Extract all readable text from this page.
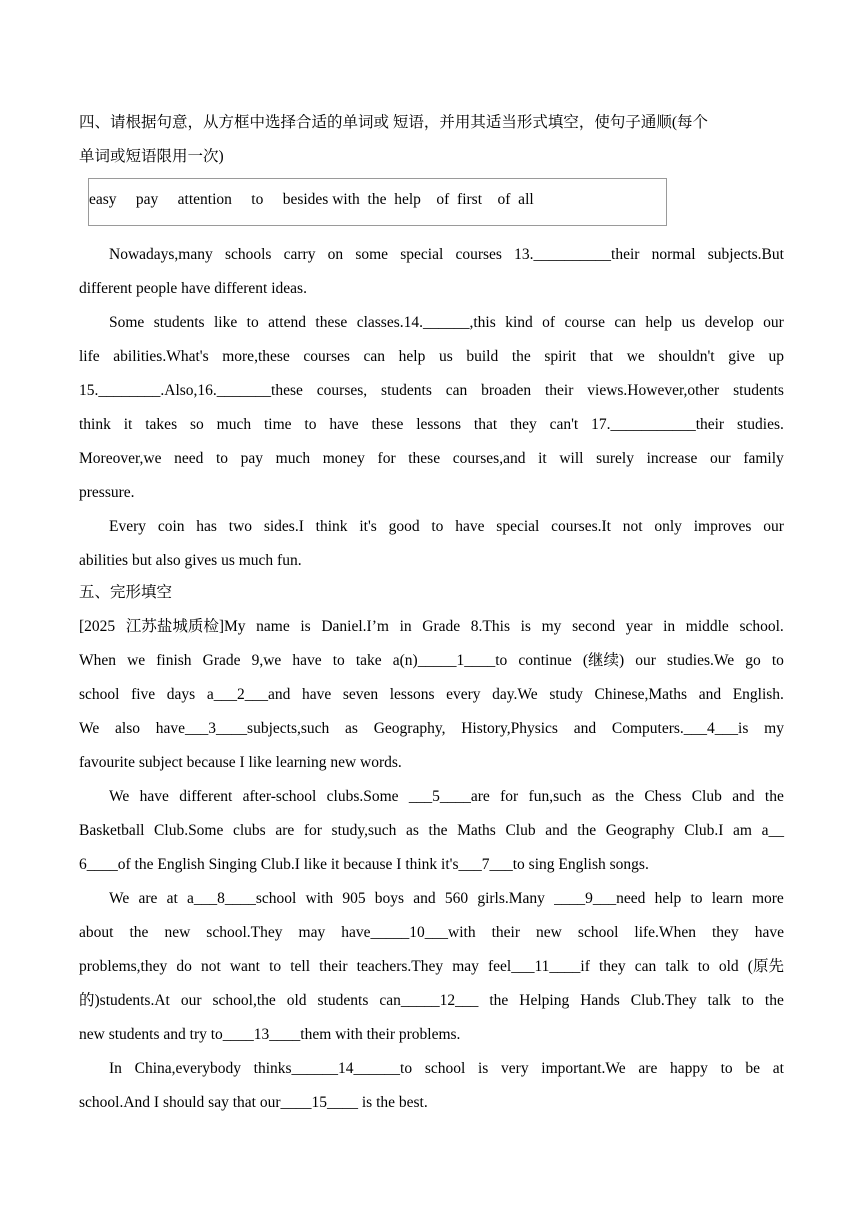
四、请根据句意，从方框中选择合适的单词或 短语，并用其适当形式填空，使句子通顺(每个
单词或短语限用一次)
easy     pay     attention     to     besides with  the  help    of  first    of  all
Nowadays,many schools carry on some special courses 13.__________their normal subjects.But
different people have different ideas.
Some students like to attend these classes.14.______,this kind of course can help us develop our
life abilities.What's more,these courses can help us build the spirit that we shouldn't give up
15.________.Also,16._______these courses, students can broaden their views.However,other students
think it takes so much time to have these lessons that they can't 17.___________their studies.
Moreover,we need to pay much money for these courses,and it will surely increase our family
pressure.
Every coin has two sides.I think it's good to have special courses.It not only improves our
abilities but also gives us much fun.
五、完形填空
[2025 江苏盐城质检]My name is Daniel.I’m in Grade 8.This is my second year in middle school.
When we finish Grade 9,we have to take a(n)_____1____to continue (继续) our studies.We go to
school five days a___2___and have seven lessons every day.We study Chinese,Maths and English.
We also have___3____subjects,such as Geography, History,Physics and Computers.___4___is my
favourite subject because I like learning new words.
We have different after-school clubs.Some ___5____are for fun,such as the Chess Club and the
Basketball Club.Some clubs are for study,such as the Maths Club and the Geography Club.I am a__
6____of the English Singing Club.I like it because I think it's___7___to sing English songs.
We are at a___8____school with 905 boys and 560 girls.Many ____9___need help to learn more
about the new school.They may have_____10___with their new school life.When they have
problems,they do not want to tell their teachers.They may feel___11____if they can talk to old (原先
的)students.At our school,the old students can_____12___ the Helping Hands Club.They talk to the
new students and try to____13____them with their problems.
In China,everybody thinks______14______to school is very important.We are happy to be at
school.And I should say that our____15____ is the best.
